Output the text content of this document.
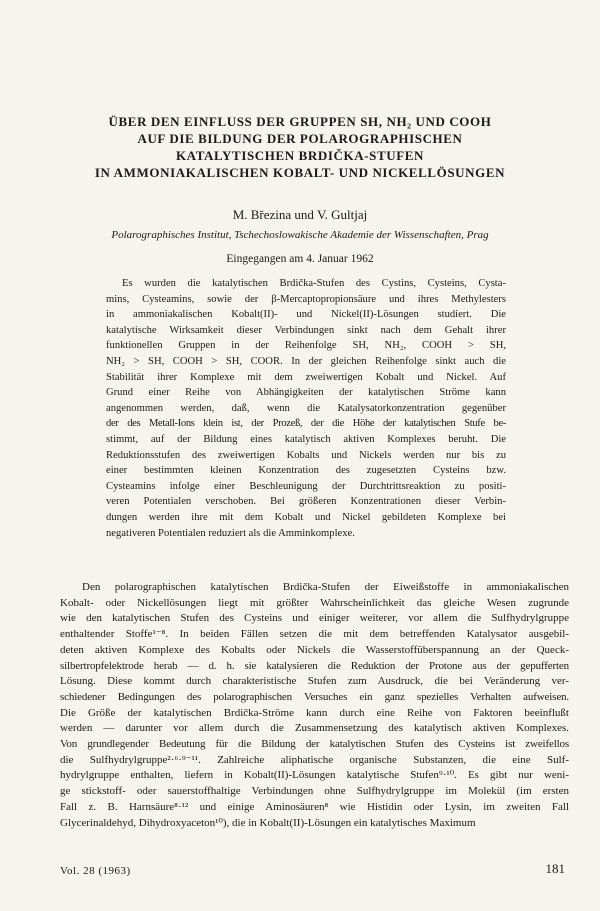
ÜBER DEN EINFLUSS DER GRUPPEN SH, NH₂ UND COOH
AUF DIE BILDUNG DER POLAROGRAPHISCHEN
KATALYTISCHEN BRDIČKA-STUFEN
IN AMMONIAKALISCHEN KOBALT- UND NICKELLÖSUNGEN
M. Březina und V. Gultjaj
Polarographisches Institut, Tschechoslowakische Akademie der Wissenschaften, Prag
Eingegangen am 4. Januar 1962
Es wurden die katalytischen Brdička-Stufen des Cystins, Cysteins, Cysta-
mins, Cysteamins, sowie der β-Mercaptopropionsäure und ihres Methylesters
in ammoniakalischen Kobalt(II)- und Nickel(II)-Lösungen studiert. Die
katalytische Wirksamkeit dieser Verbindungen sinkt nach dem Gehalt ihrer
funktionellen Gruppen in der Reihenfolge SH, NH₂, COOH > SH,
NH₂ > SH, COOH > SH, COOR. In der gleichen Reihenfolge sinkt auch die
Stabilität ihrer Komplexe mit dem zweiwertigen Kobalt und Nickel. Auf
Grund einer Reihe von Abhängigkeiten der katalytischen Ströme kann
angenommen werden, daß, wenn die Katalysatorkonzentration gegenüber
der des Metall-Ions klein ist, der Prozeß, der die Höhe der katalytischen Stufe be-
stimmt, auf der Bildung eines katalytisch aktiven Komplexes beruht. Die
Reduktionsstufen des zweiwertigen Kobalts und Nickels werden nur bis zu
einer bestimmten kleinen Konzentration des zugesetzten Cysteins bzw.
Cysteamins infolge einer Beschleunigung der Durchtrittsreaktion zu positi-
veren Potentialen verschoben. Bei größeren Konzentrationen dieser Verbin-
dungen werden ihre mit dem Kobalt und Nickel gebildeten Komplexe bei
negativeren Potentialen reduziert als die Amminkomplexe.
Den polarographischen katalytischen Brdička-Stufen der Eiweißstoffe in ammoniakalischen
Kobalt- oder Nickellösungen liegt mit größter Wahrscheinlichkeit das gleiche Wesen zugrunde
wie den katalytischen Stufen des Cysteins und einiger weiterer, vor allem die Sulfhydrylgruppe
enthaltender Stoffe¹⁻⁸. In beiden Fällen setzen die mit dem betreffenden Katalysator ausgebil-
deten aktiven Komplexe des Kobalts oder Nickels die Wasserstoffüberspannung an der Queck-
silbertropfelektrode herab — d. h. sie katalysieren die Reduktion der Protone aus der gepufferten
Lösung. Diese kommt durch charakteristische Stufen zum Ausdruck, die bei Veränderung ver-
schiedener Bedingungen des polarographischen Versuches ein ganz spezielles Verhalten aufweisen.
Die Größe der katalytischen Brdička-Ströme kann durch eine Reihe von Faktoren beeinflußt
werden — darunter vor allem durch die Zusammensetzung des katalytisch aktiven Komplexes.
Von grundlegender Bedeutung für die Bildung der katalytischen Stufen des Cysteins ist zweifellos
die Sulfhydrylgruppe²·⁶·⁹⁻¹¹. Zahlreiche aliphatische organische Substanzen, die eine Sulf-
hydrylgruppe enthalten, liefern in Kobalt(II)-Lösungen katalytische Stufen⁹·¹⁰. Es gibt nur weni-
ge stickstoff- oder sauerstoffhaltige Verbindungen ohne Sulfhydrylgruppe im Molekül (im ersten
Fall z. B. Harnsäure⁸·¹² und einige Aminosäuren⁸ wie Histidin oder Lysin, im zweiten Fall
Glycerinaldehyd, Dihydroxyaceton¹⁰), die in Kobalt(II)-Lösungen ein katalytisches Maximum
Vol. 28 (1963)	181
